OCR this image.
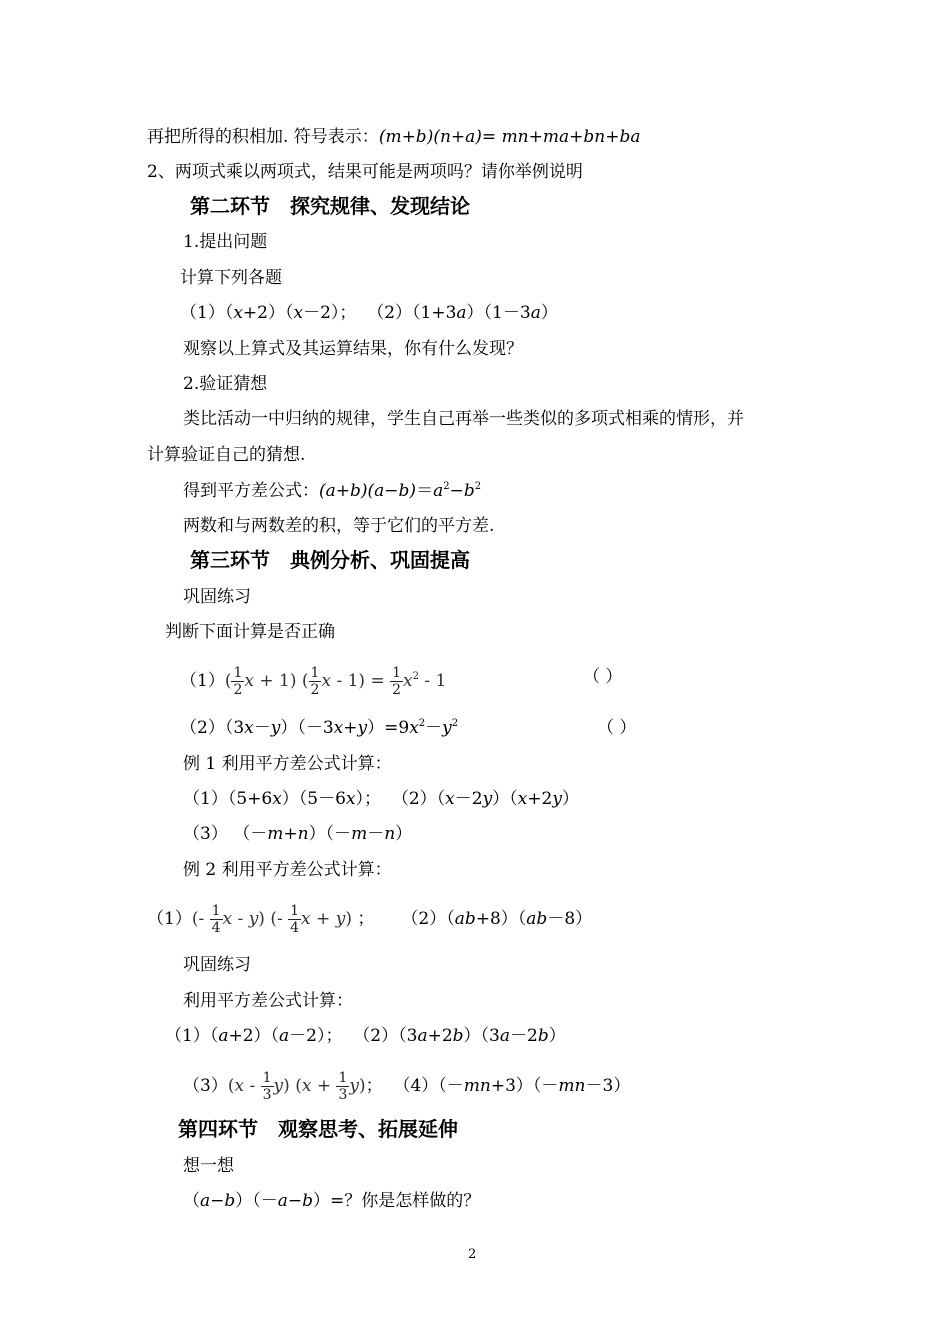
再把所得的积相加. 符号表示：(m+b)(n+a)= mn+ma+bn+ba
2、两项式乘以两项式，结果可能是两项吗？请你举例说明
第二环节　探究规律、发现结论
1.提出问题
计算下列各题
（1）（x+2）（x－2）；  （2）（1+3a）（1－3a）
观察以上算式及其运算结果，你有什么发现？
2.验证猜想
类比活动一中归纳的规律，学生自己再举一些类似的多项式相乘的情形，并
计算验证自己的猜想.
得到平方差公式：$(a+b)(a-b)=a^2-b^2$
两数和与两数差的积，等于它们的平方差.
第三环节　典例分析、巩固提高
巩固练习
判断下面计算是否正确
$(1)( \frac{1}{2}$ x + 1) ( $\frac{1}{2}$ $x - 1) = \frac{1}{2} x^2 - 1$	（ ）
$(2)(3x-y)(-3x+y)=9x^2-y^2$	（ ）
例 1 利用平方差公式计算：
（1）（5+6x）（5－6x）；  （2）（x－2y）（x+2y）
（3） （－m+n）（－m－n）
例 2 利用平方差公式计算：
$(1)(- \frac{1}{4}$ x - y) (- $\frac{1}{4}$ x + y) ；     （2）（ab+8）（ab－8）
巩固练习
利用平方差公式计算：
（1）（a+2）（a－2）；  （2）（3a+2b）（3a－2b）
$(3)(x - \frac{1}{3} y)$ $(x + \frac{1}{3} y)$；  （4）（－mn+3）（－mn－3）
第四环节　观察思考、拓展延伸
想一想
（a−b）（－a−b）=？你是怎样做的？
2
